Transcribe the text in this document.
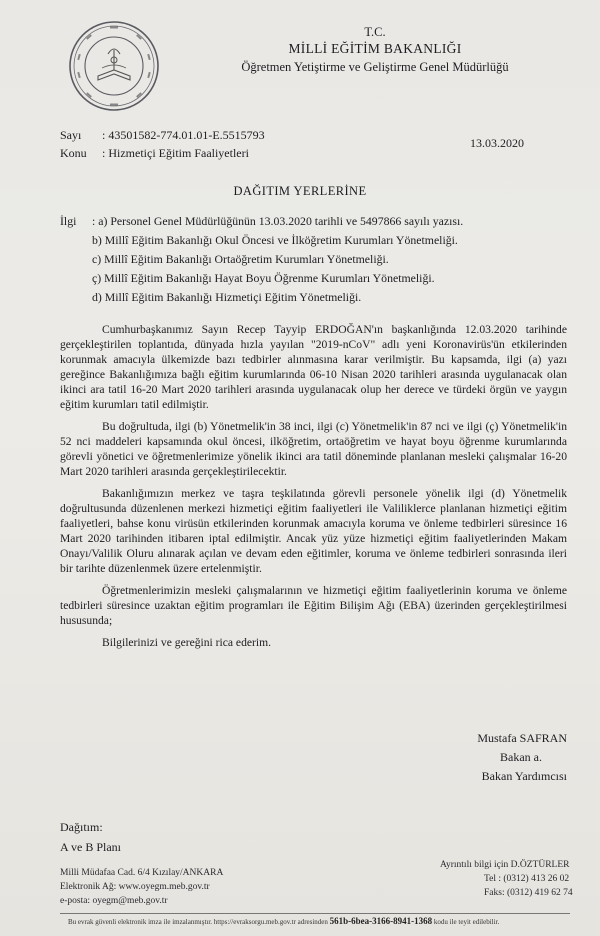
T.C.
MİLLİ EĞİTİM BAKANLIĞI
Öğretmen Yetiştirme ve Geliştirme Genel Müdürlüğü
Sayı : 43501582-774.01.01-E.5515793
Konu : Hizmetiçi Eğitim Faaliyetleri
13.03.2020
DAĞITIM YERLERİNE
İlgi : a) Personel Genel Müdürlüğünün 13.03.2020 tarihli ve 5497866 sayılı yazısı.
b) Millî Eğitim Bakanlığı Okul Öncesi ve İlköğretim Kurumları Yönetmeliği.
c) Millî Eğitim Bakanlığı Ortaöğretim Kurumları Yönetmeliği.
ç) Millî Eğitim Bakanlığı Hayat Boyu Öğrenme Kurumları Yönetmeliği.
d) Millî Eğitim Bakanlığı Hizmetiçi Eğitim Yönetmeliği.

Cumhurbaşkanımız Sayın Recep Tayyip ERDOĞAN'ın başkanlığında 12.03.2020 tarihinde gerçekleştirilen toplantıda, dünyada hızla yayılan "2019-nCoV" adlı yeni Koronavirüs'ün etkilerinden korunmak amacıyla ülkemizde bazı tedbirler alınmasına karar verilmiştir. Bu kapsamda, ilgi (a) yazı gereğince Bakanlığımıza bağlı eğitim kurumlarında 06-10 Nisan 2020 tarihleri arasında uygulanacak olan ikinci ara tatil 16-20 Mart 2020 tarihleri arasında uygulanacak olup her derece ve türdeki örgün ve yaygın eğitim kurumları tatil edilmiştir.

Bu doğrultuda, ilgi (b) Yönetmelik'in 38 inci, ilgi (c) Yönetmelik'in 87 nci ve ilgi (ç) Yönetmelik'in 52 nci maddeleri kapsamında okul öncesi, ilköğretim, ortaöğretim ve hayat boyu öğrenme kurumlarında görevli yönetici ve öğretmenlerimize yönelik ikinci ara tatil döneminde planlanan mesleki çalışmalar 16-20 Mart 2020 tarihleri arasında gerçekleştirilecektir.

Bakanlığımızın merkez ve taşra teşkilatında görevli personele yönelik ilgi (d) Yönetmelik doğrultusunda düzenlenen merkezi hizmetiçi eğitim faaliyetleri ile Valiliklerce planlanan hizmetiçi eğitim faaliyetleri, bahse konu virüsün etkilerinden korunmak amacıyla koruma ve önleme tedbirleri süresince 16 Mart 2020 tarihinden itibaren iptal edilmiştir. Ancak yüz yüze hizmetiçi eğitim faaliyetlerinden Makam Onayı/Valilik Oluru alınarak açılan ve devam eden eğitimler, koruma ve önleme tedbirleri sonrasında ileri bir tarihte düzenlenmek üzere ertelenmiştir.

Öğretmenlerimizin mesleki çalışmalarının ve hizmetiçi eğitim faaliyetlerinin koruma ve önleme tedbirleri süresince uzaktan eğitim programları ile Eğitim Bilişim Ağı (EBA) üzerinden gerçekleştirilmesi hususunda;

Bilgilerinizi ve gereğini rica ederim.

Mustafa SAFRAN
Bakan a.
Bakan Yardımcısı
Dağıtım:
A ve B Planı
Milli Müdafaa Cad. 6/4 Kızılay/ANKARA
Elektronik Ağ: www.oyegm.meb.gov.tr
e-posta: oyegm@meb.gov.tr
Ayrıntılı bilgi için D.ÖZTÜRLER
Tel : (0312) 413 26 02
Faks: (0312) 419 62 74
Bu evrak güvenli elektronik imza ile imzalanmıştır. https://evraksorgu.meb.gov.tr adresinden 561b-6bea-3166-8941-1368 kodu ile teyit edilebilir.
